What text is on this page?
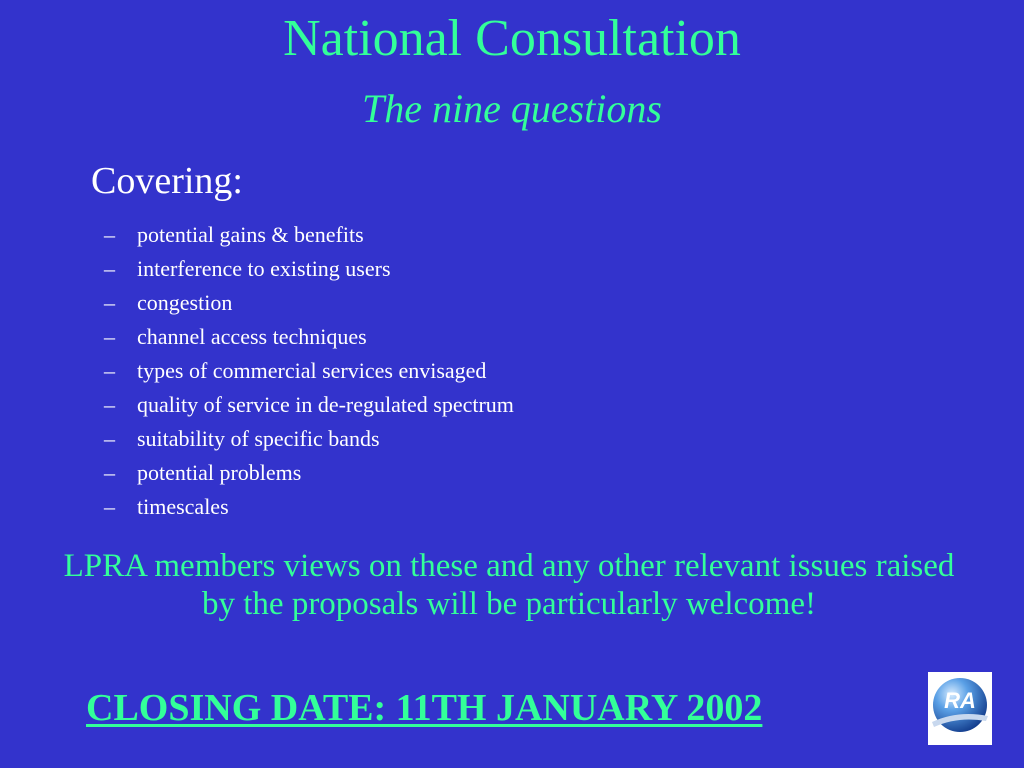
National Consultation
The nine questions
Covering:
– potential gains & benefits
– interference to existing users
– congestion
– channel access techniques
– types of commercial services envisaged
– quality of service in de-regulated spectrum
– suitability of specific bands
– potential problems
– timescales
LPRA members views on these and any other relevant issues raised by the proposals will be particularly welcome!
CLOSING DATE: 11TH JANUARY 2002	RA
